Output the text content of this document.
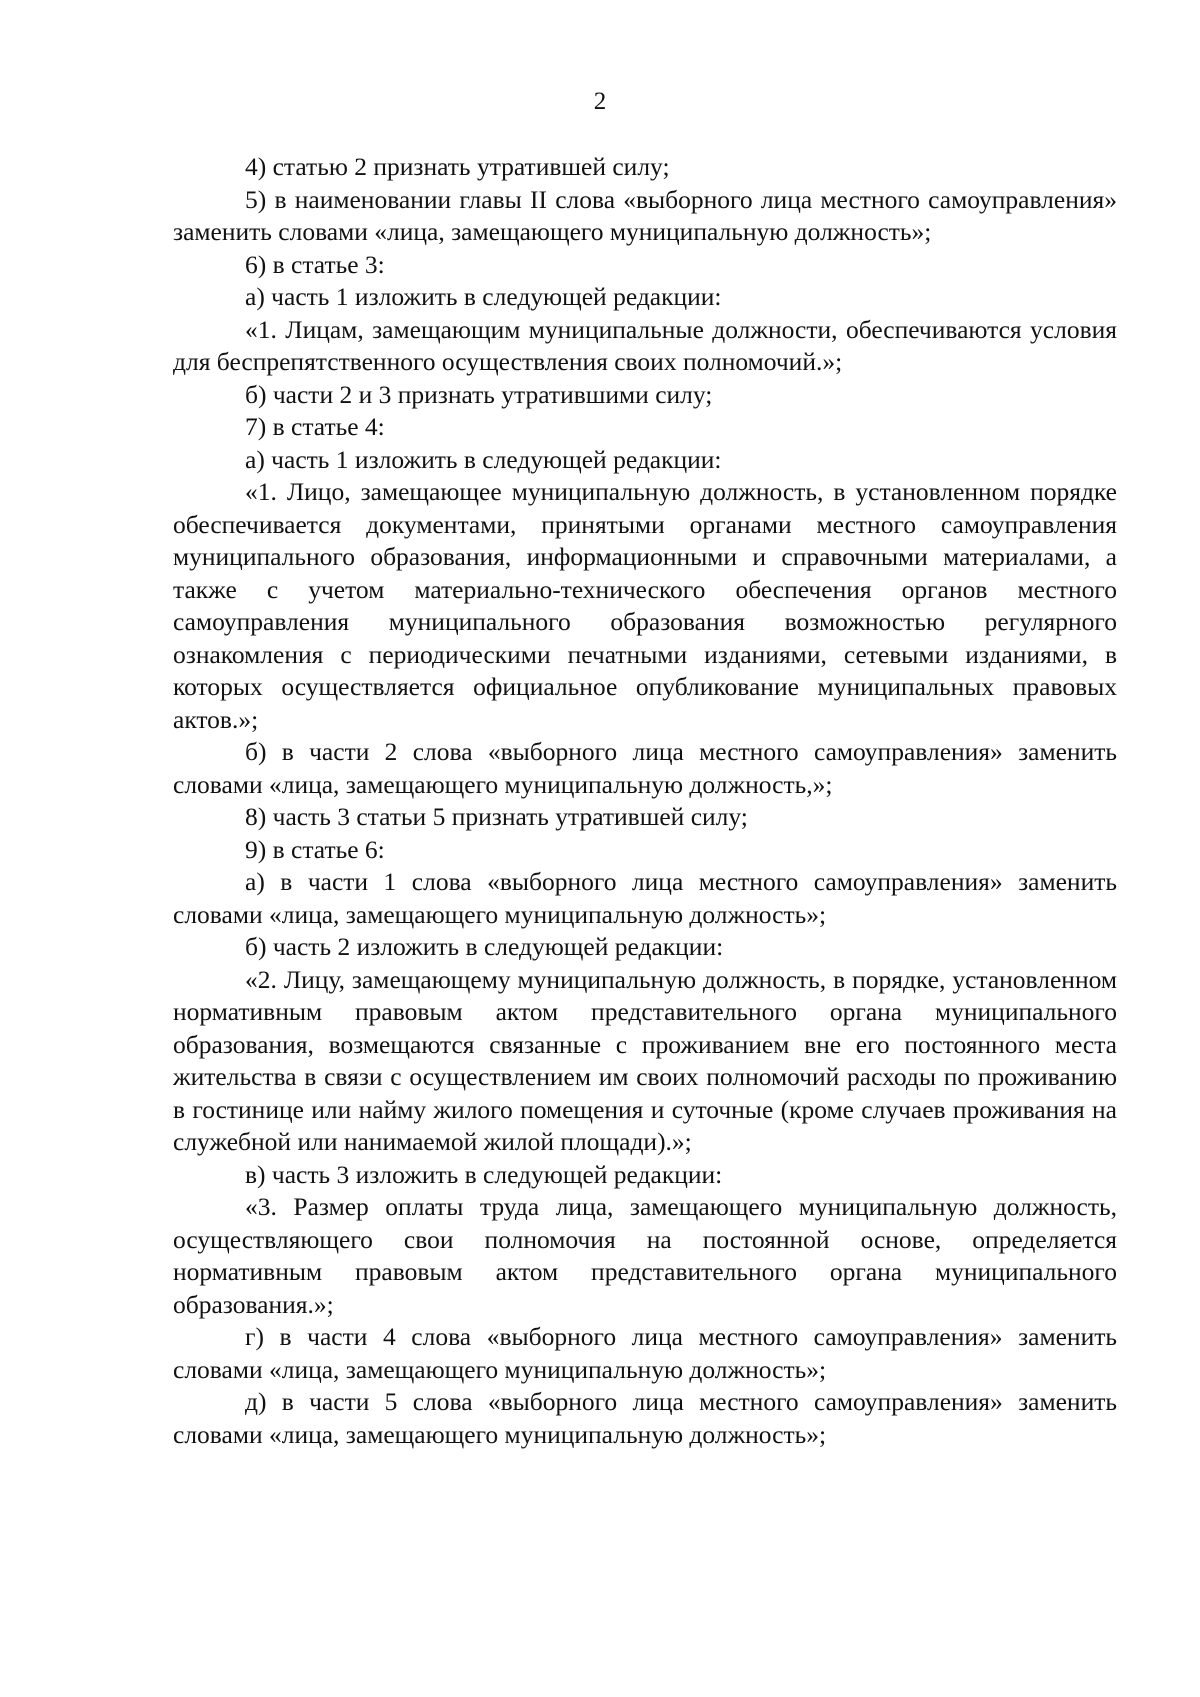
2

4) статью 2 признать утратившей силу;

5) в наименовании главы II слова «выборного лица местного самоуправления» заменить словами «лица, замещающего муниципальную должность»;

6) в статье 3:

а) часть 1 изложить в следующей редакции:

«1. Лицам, замещающим муниципальные должности, обеспечиваются условия для беспрепятственного осуществления своих полномочий.»;

б) части 2 и 3 признать утратившими силу;

7) в статье 4:

а) часть 1 изложить в следующей редакции:

«1. Лицо, замещающее муниципальную должность, в установленном порядке обеспечивается документами, принятыми органами местного самоуправления муниципального образования, информационными и справочными материалами, а также с учетом материально-технического обеспечения органов местного самоуправления муниципального образования возможностью регулярного ознакомления с периодическими печатными изданиями, сетевыми изданиями, в которых осуществляется официальное опубликование муниципальных правовых актов.»;

б) в части 2 слова «выборного лица местного самоуправления» заменить словами «лица, замещающего муниципальную должность,»;

8) часть 3 статьи 5 признать утратившей силу;

9) в статье 6:

а) в части 1 слова «выборного лица местного самоуправления» заменить словами «лица, замещающего муниципальную должность»;

б) часть 2 изложить в следующей редакции:

«2. Лицу, замещающему муниципальную должность, в порядке, установленном нормативным правовым актом представительного органа муниципального образования, возмещаются связанные с проживанием вне его постоянного места жительства в связи с осуществлением им своих полномочий расходы по проживанию в гостинице или найму жилого помещения и суточные (кроме случаев проживания на служебной или нанимаемой жилой площади).»;

в) часть 3 изложить в следующей редакции:

«3. Размер оплаты труда лица, замещающего муниципальную должность, осуществляющего свои полномочия на постоянной основе, определяется нормативным правовым актом представительного органа муниципального образования.»;

г) в части 4 слова «выборного лица местного самоуправления» заменить словами «лица, замещающего муниципальную должность»;

д) в части 5 слова «выборного лица местного самоуправления» заменить словами «лица, замещающего муниципальную должность»;
